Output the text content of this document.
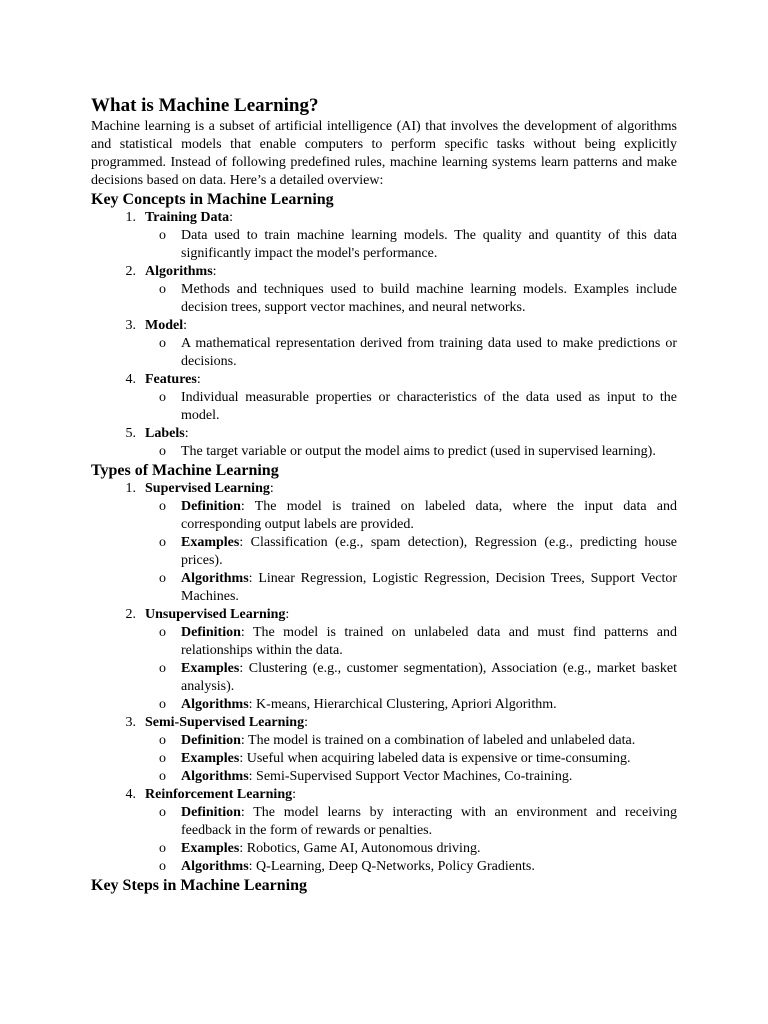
What is Machine Learning?

Machine learning is a subset of artificial intelligence (AI) that involves the development of algorithms and statistical models that enable computers to perform specific tasks without being explicitly programmed. Instead of following predefined rules, machine learning systems learn patterns and make decisions based on data. Here’s a detailed overview:

Key Concepts in Machine Learning
1. Training Data:
o	Data used to train machine learning models. The quality and quantity of this data significantly impact the model's performance.
2. Algorithms:
o	Methods and techniques used to build machine learning models. Examples include decision trees, support vector machines, and neural networks.
3. Model:
o	A mathematical representation derived from training data used to make predictions or decisions.
4. Features:
o	Individual measurable properties or characteristics of the data used as input to the model.
5. Labels:
o	The target variable or output the model aims to predict (used in supervised learning).
Types of Machine Learning
1. Supervised Learning:
o	Definition: The model is trained on labeled data, where the input data and corresponding output labels are provided.
o	Examples: Classification (e.g., spam detection), Regression (e.g., predicting house prices).
o	Algorithms: Linear Regression, Logistic Regression, Decision Trees, Support Vector Machines.
2. Unsupervised Learning:
o	Definition: The model is trained on unlabeled data and must find patterns and relationships within the data.
o	Examples: Clustering (e.g., customer segmentation), Association (e.g., market basket analysis).
o	Algorithms: K-means, Hierarchical Clustering, Apriori Algorithm.
3. Semi-Supervised Learning:
o	Definition: The model is trained on a combination of labeled and unlabeled data.
o	Examples: Useful when acquiring labeled data is expensive or time-consuming.
o	Algorithms: Semi-Supervised Support Vector Machines, Co-training.
4. Reinforcement Learning:
o	Definition: The model learns by interacting with an environment and receiving feedback in the form of rewards or penalties.
o	Examples: Robotics, Game AI, Autonomous driving.
o	Algorithms: Q-Learning, Deep Q-Networks, Policy Gradients.
Key Steps in Machine Learning
